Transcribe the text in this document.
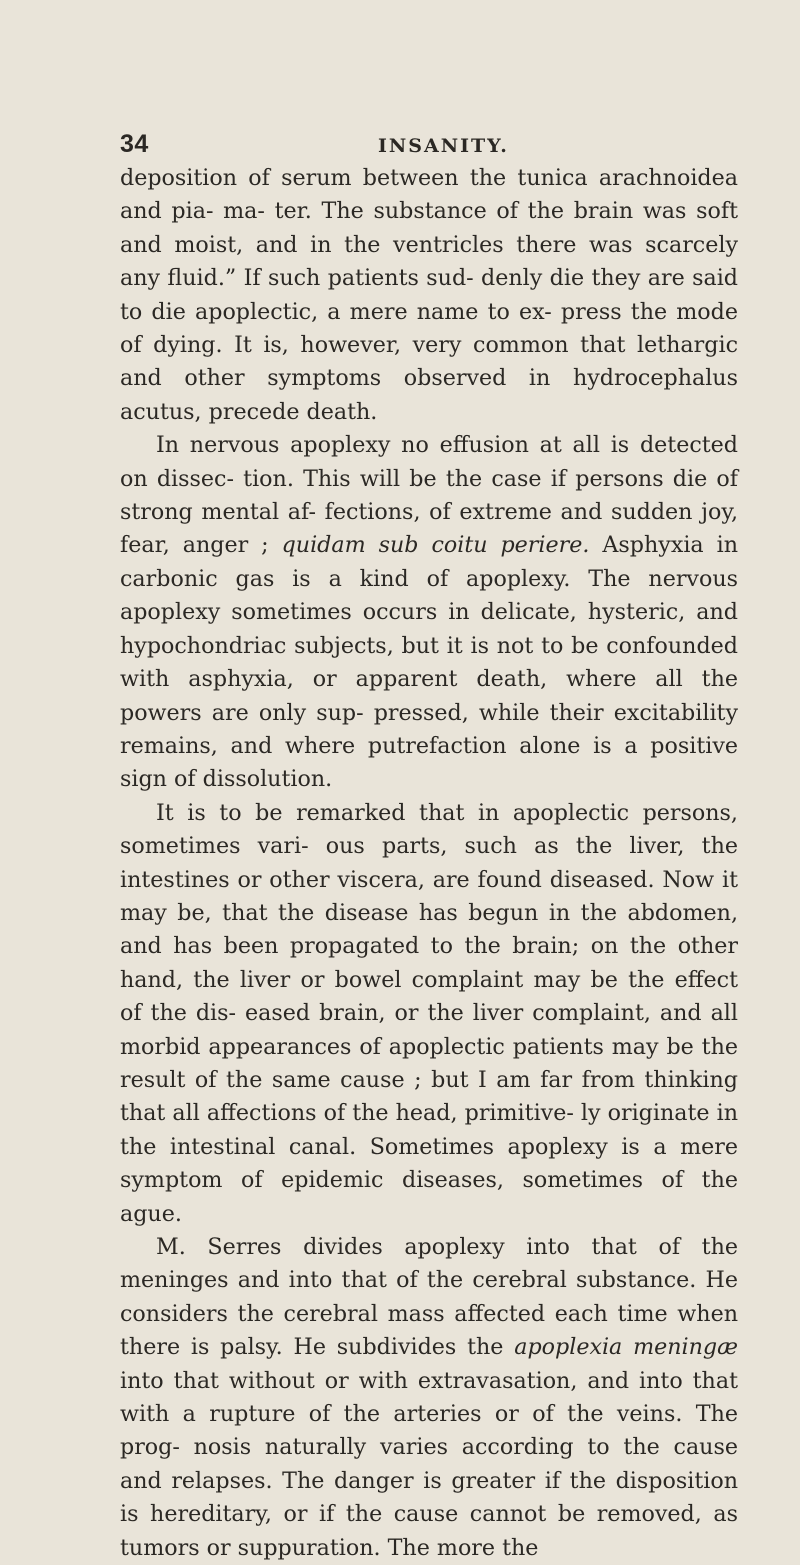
34	INSANITY.

deposition of serum between the tunica arachnoidea and pia- ma- ter. The substance of the brain was soft and moist, and in the ventricles there was scarcely any fluid.” If such patients sud- denly die they are said to die apoplectic, a mere name to ex- press the mode of dying. It is, however, very common that lethargic and other symptoms observed in hydrocephalus acutus, precede death.

In nervous apoplexy no effusion at all is detected on dissec- tion. This will be the case if persons die of strong mental af- fections, of extreme and sudden joy, fear, anger ; quidam sub coitu periere. Asphyxia in carbonic gas is a kind of apoplexy. The nervous apoplexy sometimes occurs in delicate, hysteric, and hypochondriac subjects, but it is not to be confounded with asphyxia, or apparent death, where all the powers are only sup- pressed, while their excitability remains, and where putrefaction alone is a positive sign of dissolution.

It is to be remarked that in apoplectic persons, sometimes vari- ous parts, such as the liver, the intestines or other viscera, are found diseased. Now it may be, that the disease has begun in the abdomen, and has been propagated to the brain; on the other hand, the liver or bowel complaint may be the effect of the dis- eased brain, or the liver complaint, and all morbid appearances of apoplectic patients may be the result of the same cause ; but I am far from thinking that all affections of the head, primitive- ly originate in the intestinal canal. Sometimes apoplexy is a mere symptom of epidemic diseases, sometimes of the ague.

M. Serres divides apoplexy into that of the meninges and into that of the cerebral substance. He considers the cerebral mass affected each time when there is palsy. He subdivides the apoplexia meningæ into that without or with extravasation, and into that with a rupture of the arteries or of the veins. The prog- nosis naturally varies according to the cause and relapses. The danger is greater if the disposition is hereditary, or if the cause cannot be removed, as tumors or suppuration. The more the
